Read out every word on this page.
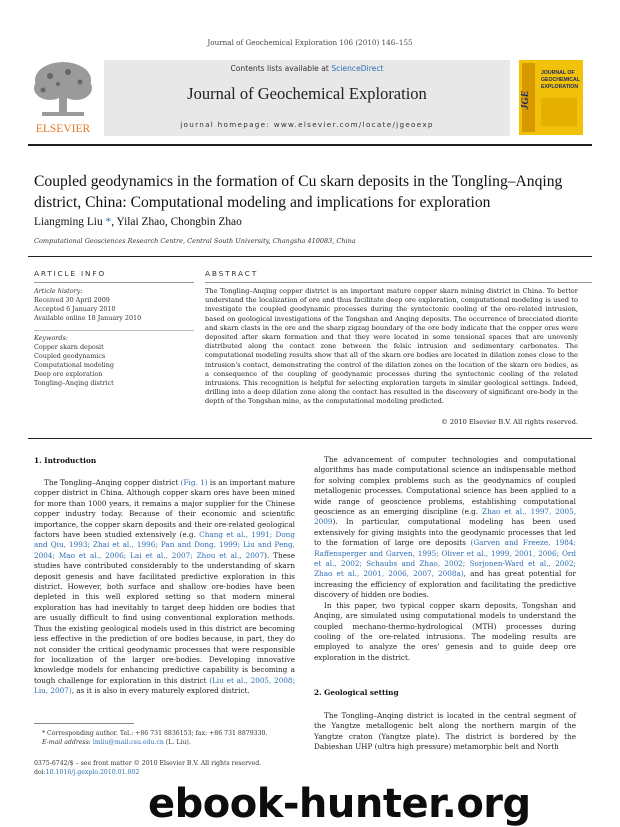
Journal of Geochemical Exploration 106 (2010) 146–155
ELSEVIER
Contents lists available at ScienceDirect
Journal of Geochemical Exploration
journal homepage: www.elsevier.com/locate/jgeoexp
JGE
JOURNAL OF
GEOCHEMICAL
EXPLORATION
Coupled geodynamics in the formation of Cu skarn deposits in the Tongling–Anqing district, China: Computational modeling and implications for exploration
Liangming Liu *, Yilai Zhao, Chongbin Zhao
Computational Geosciences Research Centre, Central South University, Changsha 410083, China
ARTICLE INFO	ABSTRACT
Article history:
Received 30 April 2009
Accepted 6 January 2010
Available online 18 January 2010
Keywords:
Copper skarn deposit
Coupled geodynamics
Computational modeling
Deep ore exploration
Tongling–Anqing district
The Tongling–Anqing copper district is an important mature copper skarn mining district in China. To better understand the localization of ore and thus facilitate deep ore exploration, computational modeling is used to investigate the coupled geodynamic processes during the syntectonic cooling of the ore-related intrusion, based on geological investigations of the Tongshan and Anqing deposits. The occurrence of brecciated diorite and skarn clasts in the ore and the sharp zigzag boundary of the ore body indicate that the copper ores were deposited after skarn formation and that they were located in some tensional spaces that are unevenly distributed along the contact zone between the felsic intrusion and sedimentary carbonates. The computational modeling results show that all of the skarn ore bodies are located in dilation zones close to the intrusion's contact, demonstrating the control of the dilation zones on the location of the skarn ore bodies, as a consequence of the coupling of geodynamic processes during the syntectonic cooling of the related intrusions. This recognition is helpful for selecting exploration targets in similar geological settings. Indeed, drilling into a deep dilation zone along the contact has resulted in the discovery of significant ore-body in the depth of the Tongshan mine, as the computational modeling predicted.
© 2010 Elsevier B.V. All rights reserved.
1. Introduction

The Tongling–Anqing copper district (Fig. 1) is an important mature copper district in China. Although copper skarn ores have been mined for more than 1000 years, it remains a major supplier for the Chinese copper industry today. Because of their economic and scientific importance, the copper skarn deposits and their ore-related geological factors have been studied extensively (e.g. Chang et al., 1991; Dong and Qiu, 1993; Zhai et al., 1996; Pan and Dong, 1999; Liu and Peng, 2004; Mao et al., 2006; Lai et al., 2007; Zhou et al., 2007). These studies have contributed considerably to the understanding of skarn deposit genesis and have facilitated predictive exploration in this district. However, both surface and shallow ore-bodies have been depleted in this well explored setting so that modern mineral exploration has had inevitably to target deep hidden ore bodies that are usually difficult to find using conventional exploration methods. Thus the existing geological models used in this district are becoming less effective in the prediction of ore bodies because, in part, they do not consider the critical geodynamic processes that were responsible for localization of the larger ore-bodies. Developing innovative knowledge models for enhancing predictive capability is becoming a tough challenge for exploration in this district (Liu et al., 2005, 2008; Liu, 2007), as it is also in every maturely explored district.

The advancement of computer technologies and computational algorithms has made computational science an indispensable method for solving complex problems such as the geodynamics of coupled metallogenic processes. Computational science has been applied to a wide range of geoscience problems, establishing computational geoscience as an emerging discipline (e.g. Zhao et al., 1997, 2005, 2009). In particular, computational modeling has been used extensively for giving insights into the geodynamic processes that led to the formation of large ore deposits (Garven and Freeze, 1984; Raffensperger and Garven, 1995; Oliver et al., 1999, 2001, 2006; Ord et al., 2002; Schaubs and Zhao, 2002; Sorjonen-Ward et al., 2002; Zhao et al., 2001, 2006, 2007, 2008a), and has great potential for increasing the efficiency of exploration and facilitating the predictive discovery of hidden ore bodies.

In this paper, two typical copper skarn deposits, Tongshan and Anqing, are simulated using computational models to understand the coupled mechano-thermo-hydrological (MTH) processes during cooling of the ore-related intrusions. The modeling results are employed to analyze the ores' genesis and to guide deep ore exploration in the district.

2. Geological setting

The Tongling–Anqing district is located in the central segment of the Yangtze metallogenic belt along the northern margin of the Yangtze craton (Yangtze plate). The district is bordered by the Dabieshan UHP (ultra high pressure) metamorphic belt and North

* Corresponding author. Tel.: +86 731 8836153; fax: +86 731 8879330.
E-mail address: lmliu@mail.csu.edu.cn (L. Liu).
0375-6742/$ – see front matter © 2010 Elsevier B.V. All rights reserved.
doi:10.1016/j.gexplo.2010.01.002
ebook-hunter.org
